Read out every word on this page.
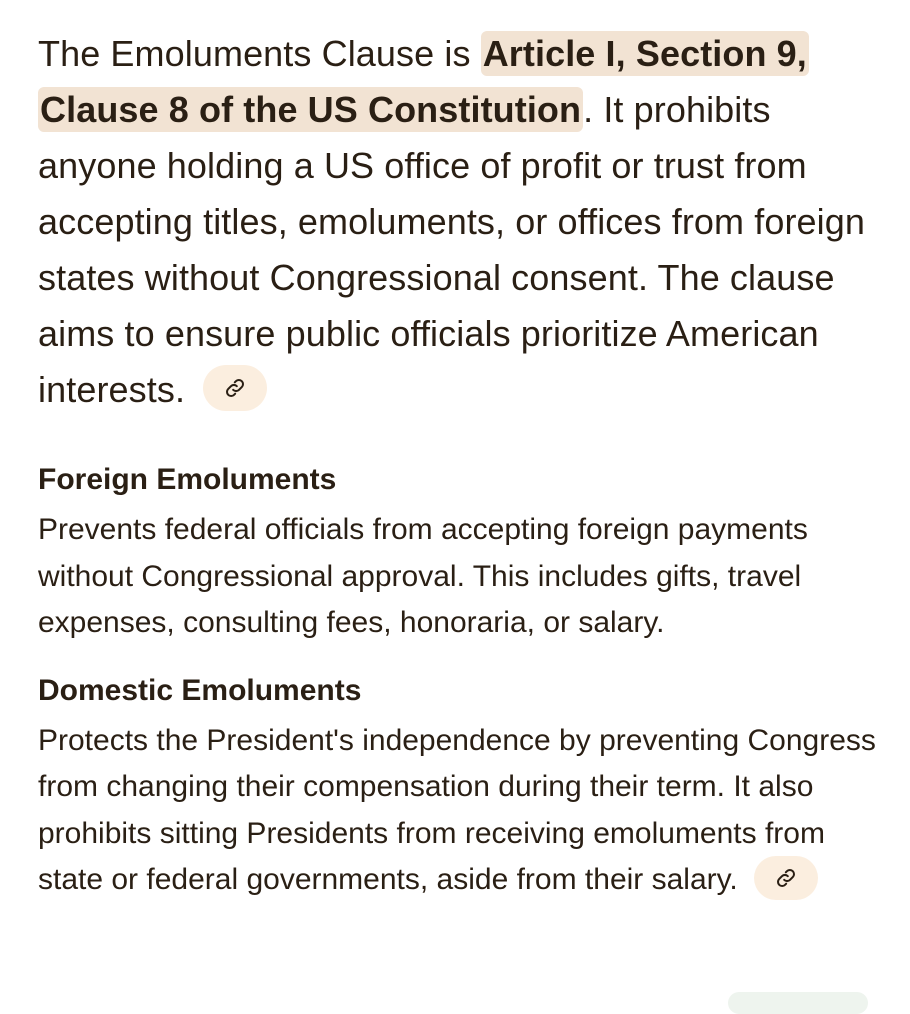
The Emoluments Clause is Article I, Section 9, Clause 8 of the US Constitution. It prohibits anyone holding a US office of profit or trust from accepting titles, emoluments, or offices from foreign states without Congressional consent. The clause aims to ensure public officials prioritize American interests.

Foreign Emoluments

Prevents federal officials from accepting foreign payments without Congressional approval. This includes gifts, travel expenses, consulting fees, honoraria, or salary.

Domestic Emoluments

Protects the President's independence by preventing Congress from changing their compensation during their term. It also prohibits sitting Presidents from receiving emoluments from state or federal governments, aside from their salary.
